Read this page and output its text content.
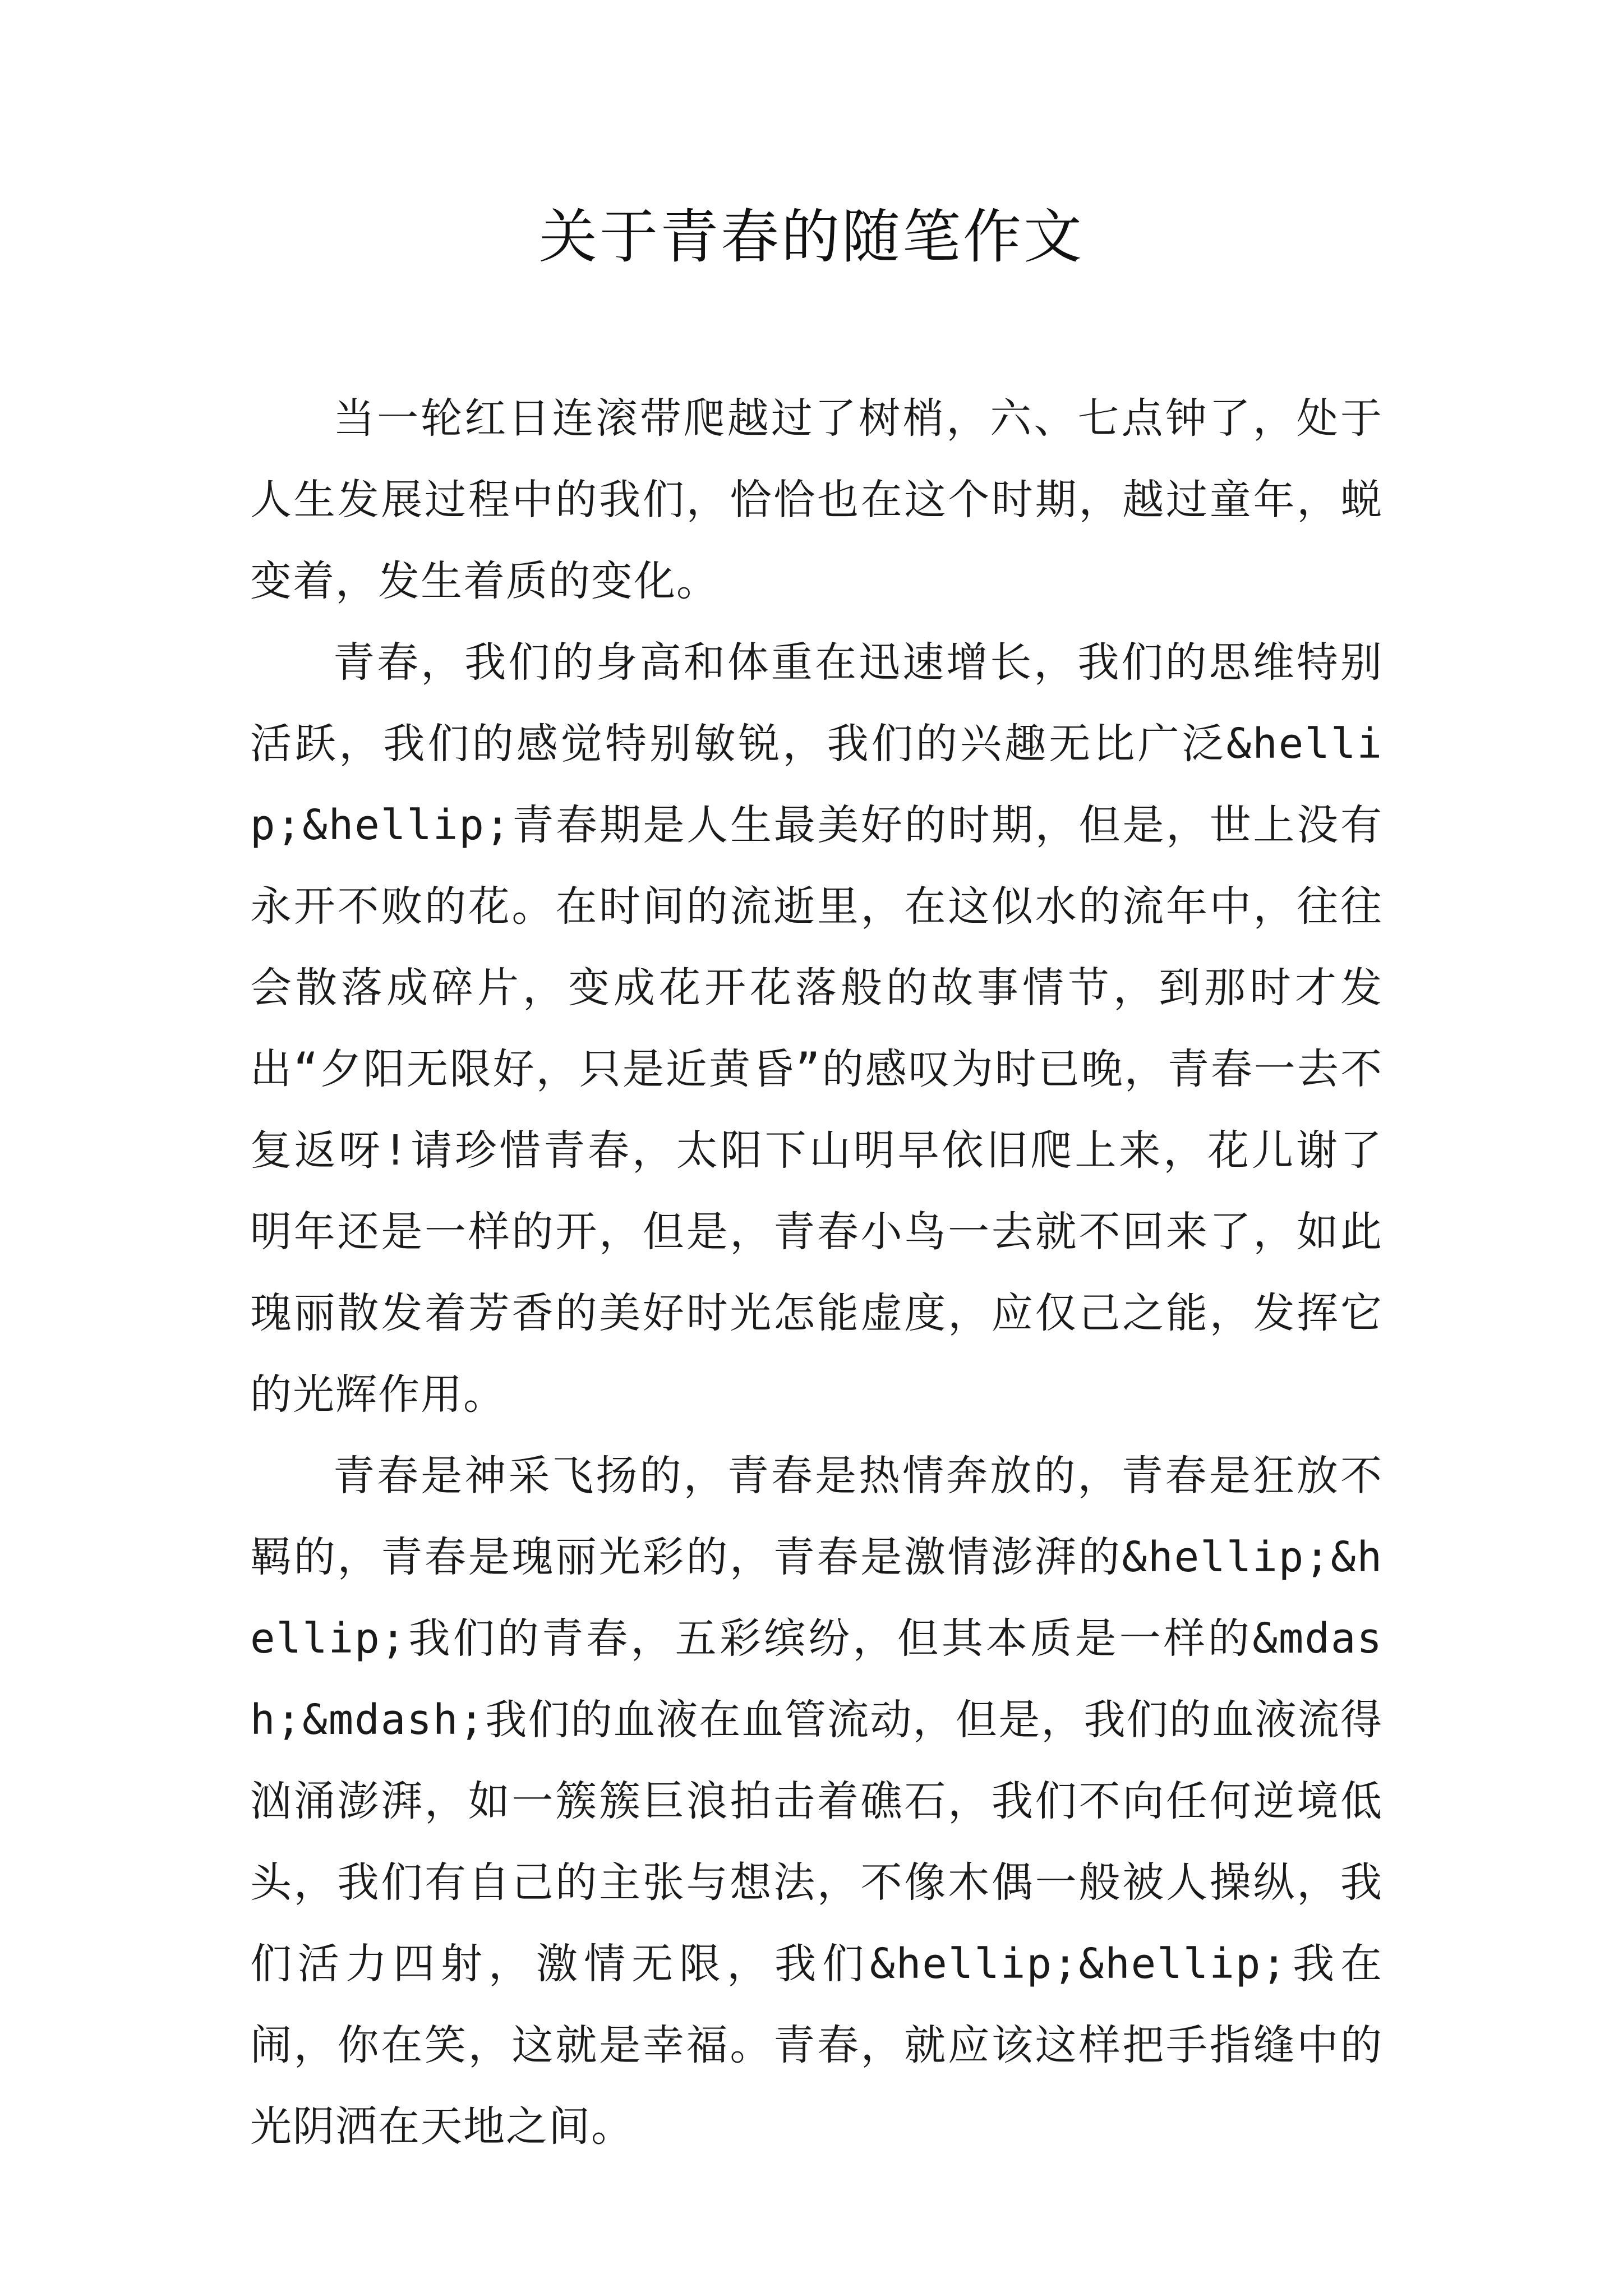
关于青春的随笔作文

当一轮红日连滚带爬越过了树梢，六、七点钟了，处于人生发展过程中的我们，恰恰也在这个时期，越过童年，蜕变着，发生着质的变化。

青春，我们的身高和体重在迅速增长，我们的思维特别活跃，我们的感觉特别敏锐，我们的兴趣无比广泛&hellip;&hellip;青春期是人生最美好的时期，但是，世上没有永开不败的花。在时间的流逝里，在这似水的流年中，往往会散落成碎片，变成花开花落般的故事情节，到那时才发出“夕阳无限好，只是近黄昏”的感叹为时已晚，青春一去不复返呀!请珍惜青春，太阳下山明早依旧爬上来，花儿谢了明年还是一样的开，但是，青春小鸟一去就不回来了，如此瑰丽散发着芳香的美好时光怎能虚度，应仅己之能，发挥它的光辉作用。

青春是神采飞扬的，青春是热情奔放的，青春是狂放不羁的，青春是瑰丽光彩的，青春是激情澎湃的&hellip;&hellip;我们的青春，五彩缤纷，但其本质是一样的&mdash;&mdash;我们的血液在血管流动，但是，我们的血液流得汹涌澎湃，如一簇簇巨浪拍击着礁石，我们不向任何逆境低头，我们有自己的主张与想法，不像木偶一般被人操纵，我们活力四射，激情无限，我们&hellip;&hellip;我在闹，你在笑，这就是幸福。青春，就应该这样把手指缝中的光阴洒在天地之间。
